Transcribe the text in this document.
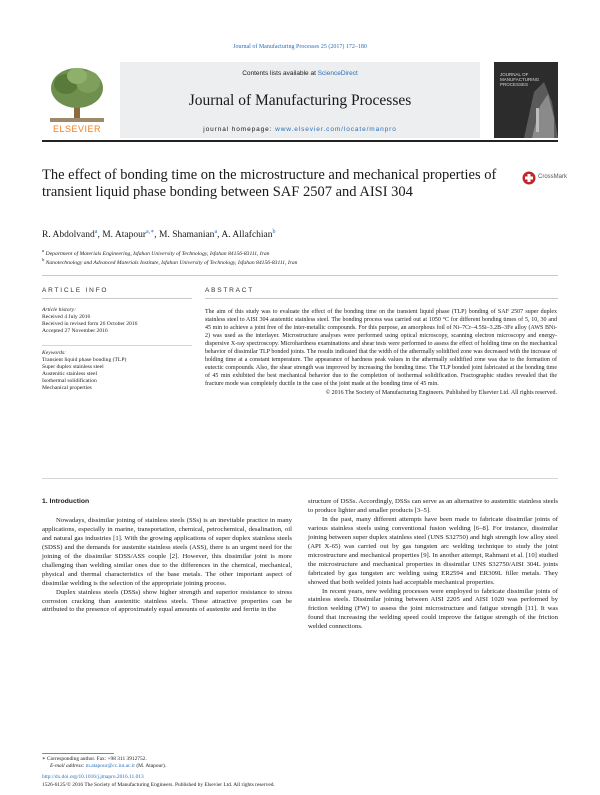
Journal of Manufacturing Processes 25 (2017) 172–180
ELSEVIER
Contents lists available at ScienceDirect
Journal of Manufacturing Processes
journal homepage: www.elsevier.com/locate/manpro
JOURNAL OF MANUFACTURING PROCESSES
The effect of bonding time on the microstructure and mechanical properties of transient liquid phase bonding between SAF 2507 and AISI 304
CrossMark
R. Abdolvand$^a$, M. Atapour$^{a,∗}$, M. Shamanian$^a$, A. Allafchian$^b$
$^a$ Department of Materials Engineering, Isfahan University of Technology, Isfahan 84156-83111, Iran
$^b$ Nanotechnology and Advanced Materials Institute, Isfahan University of Technology, Isfahan 84156-83111, Iran
ARTICLE INFO
Article history:
Received 4 July 2016
Received in revised form 26 October 2016
Accepted 27 November 2016
Keywords:
Transient liquid phase bonding (TLP)
Super duplex stainless steel
Austenitic stainless steel
Isothermal solidification
Mechanical properties
ABSTRACT
The aim of this study was to evaluate the effect of the bonding time on the transient liquid phase (TLP) bonding of SAF 2507 super duplex stainless steel to AISI 304 austenitic stainless steel. The bonding process was carried out at 1050 °C for different bonding times of 5, 10, 30 and 45 min to achieve a joint free of the inter-metallic compounds. For this purpose, an amorphous foil of Ni–7Cr–4.5Si–3.2B–3Fe alloy (AWS BNi-2) was used as the interlayer. Microstructure analyses were performed using optical microscopy, scanning electron microscopy and energy-dispersive X-ray spectroscopy. Microhardness examinations and shear tests were performed to assess the effect of holding time on the mechanical behavior of dissimilar TLP bonded joints. The results indicated that the width of the athermally solidified zone was decreased with the increase of holding time at a constant temperature. The appearance of hardness peak values in the athermally solidified zone was due to the formation of eutectic compounds. Also, the shear strength was improved by increasing the bonding time. The TLP bonded joint fabricated at the bonding time of 45 min exhibited the best mechanical behavior due to the completion of isothermal solidification. Fractographic studies revealed that the fracture mode was completely ductile in the case of the joint made at the bonding time of 45 min.
© 2016 The Society of Manufacturing Engineers. Published by Elsevier Ltd. All rights reserved.

1. Introduction

Nowadays, dissimilar joining of stainless steels (SSs) is an inevitable practice in many applications, especially in marine, transportation, chemical, petrochemical, desalination, oil and natural gas industries [1]. With the growing applications of super duplex stainless steels (SDSS) and the demands for austenite stainless steels (ASS), there is an urgent need for the joining of the dissimilar SDSS/ASS couple [2]. However, this dissimilar joint is more challenging than welding similar ones due to the differences in the chemical, mechanical, physical and thermal characteristics of the base metals. The other important aspect of dissimilar welding is the selection of the appropriate joining process.

Duplex stainless steels (DSSs) show higher strength and superior resistance to stress corrosion cracking than austenitic stainless steels. These attractive properties can be attributed to the presence of approximately equal amounts of austenite and ferrite in the

structure of DSSs. Accordingly, DSSs can serve as an alternative to austenitic stainless steels to produce lighter and smaller products [3–5].

In the past, many different attempts have been made to fabricate dissimilar joints of various stainless steels using conventional fusion welding [6–8]. For instance, dissimilar joining between super duplex stainless steel (UNS S32750) and high strength low alloy steel (API X-65) was carried out by gas tungsten arc welding technique to study the joint microstructure and mechanical properties [9]. In another attempt, Rahmani et al. [10] studied the microstructure and mechanical properties in dissimilar UNS S32750/AISI 304L joints fabricated by gas tungsten arc welding using ER2594 and ER309L filler metals. They showed that both welded joints had acceptable mechanical properties.

In recent years, new welding processes were employed to fabricate dissimilar joints of stainless steels. Dissimilar joining between AISI 2205 and AISI 1020 was performed by friction welding (FW) to assess the joint microstructure and fatigue strength [11]. It was found that increasing the welding speed could improve the fatigue strength of the friction welded connections.

∗ Corresponding author. Fax: +98 311 3912752.
E-mail address: m.atapour@cc.iut.ac.ir (M. Atapour).
http://dx.doi.org/10.1016/j.jmapro.2016.11.013
1526-6125/© 2016 The Society of Manufacturing Engineers. Published by Elsevier Ltd. All rights reserved.
